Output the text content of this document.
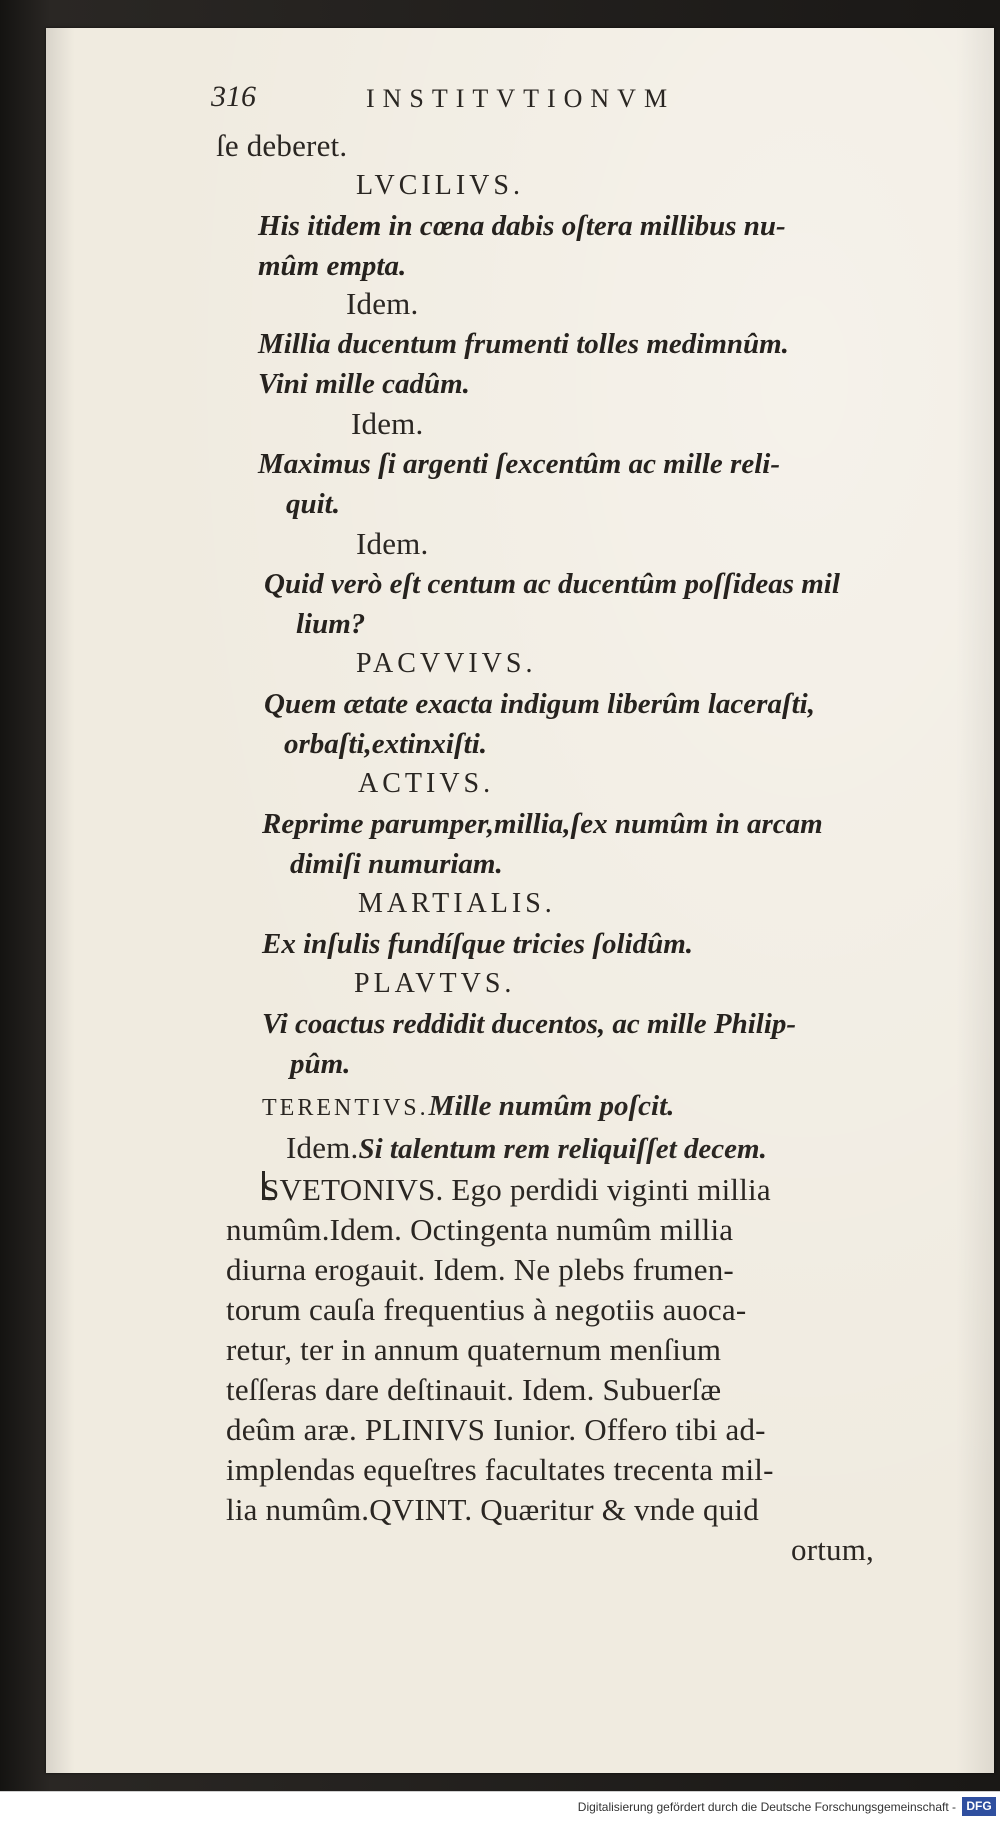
316	INSTITVTIONVM
ſe deberet.
LVCILIVS.
His itidem in cœna dabis oſtera millibus nu-
mûm empta.
Idem.
Millia ducentum frumenti tolles medimnûm.
Vini mille cadûm.
Idem.
Maximus ſi argenti ſexcentûm ac mille reli-
quit.
Idem.
Quid verò eſt centum ac ducentûm poſſideas mil
lium?
PACVVIVS.
Quem ætate exacta indigum liberûm laceraſti,
orbaſti,extinxiſti.
ACTIVS.
Reprime parumper,millia,ſex numûm in arcam
dimiſi numuriam.
MARTIALIS.
Ex inſulis fundíſque tricies ſolidûm.
PLAVTVS.
Vi coactus reddidit ducentos, ac mille Philip-
pûm.
TERENTIVS.Mille numûm poſcit.
Idem.Si talentum rem reliquiſſet decem.
SVETONIVS. Ego perdidi viginti millia
numûm.Idem. Octingenta numûm millia
diurna erogauit. Idem. Ne plebs frumen-
torum cauſa frequentius à negotiis auoca-
retur, ter in annum quaternum menſium
teſſeras dare deſtinauit. Idem. Subuerſæ
deûm aræ. PLINIVS Iunior. Offero tibi ad-
implendas equeſtres facultates trecenta mil-
lia numûm.QVINT. Quæritur & vnde quid
ortum,
Digitalisierung gefördert durch die Deutsche Forschungsgemeinschaft - DFG
